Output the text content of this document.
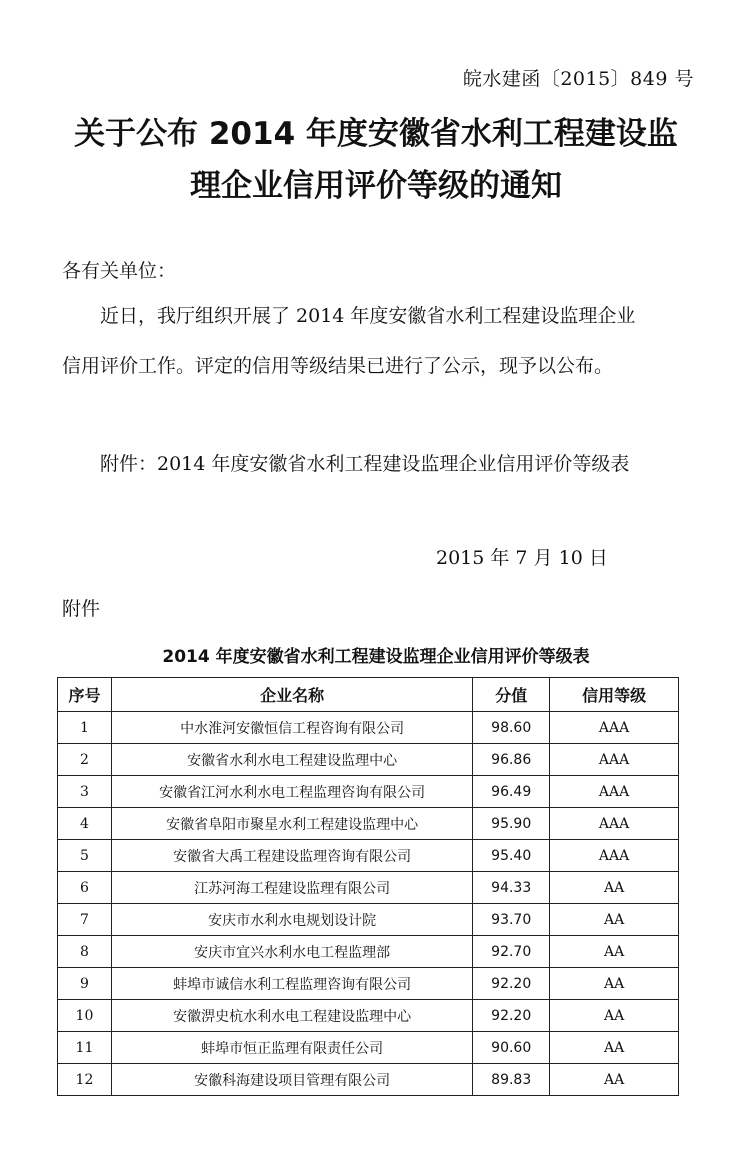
皖水建函〔2015〕849 号
关于公布 2014 年度安徽省水利工程建设监
理企业信用评价等级的通知
各有关单位：
近日，我厅组织开展了 2014 年度安徽省水利工程建设监理企业
信用评价工作。评定的信用等级结果已进行了公示，现予以公布。
附件：2014 年度安徽省水利工程建设监理企业信用评价等级表
2015 年 7 月 10 日
附件
2014 年度安徽省水利工程建设监理企业信用评价等级表
序号	企业名称	分值	信用等级
1	中水淮河安徽恒信工程咨询有限公司	98.60	AAA
2	安徽省水利水电工程建设监理中心	96.86	AAA
3	安徽省江河水利水电工程监理咨询有限公司	96.49	AAA
4	安徽省阜阳市聚星水利工程建设监理中心	95.90	AAA
5	安徽省大禹工程建设监理咨询有限公司	95.40	AAA
6	江苏河海工程建设监理有限公司	94.33	AA
7	安庆市水利水电规划设计院	93.70	AA
8	安庆市宜兴水利水电工程监理部	92.70	AA
9	蚌埠市诚信水利工程监理咨询有限公司	92.20	AA
10	安徽淠史杭水利水电工程建设监理中心	92.20	AA
11	蚌埠市恒正监理有限责任公司	90.60	AA
12	安徽科海建设项目管理有限公司	89.83	AA
